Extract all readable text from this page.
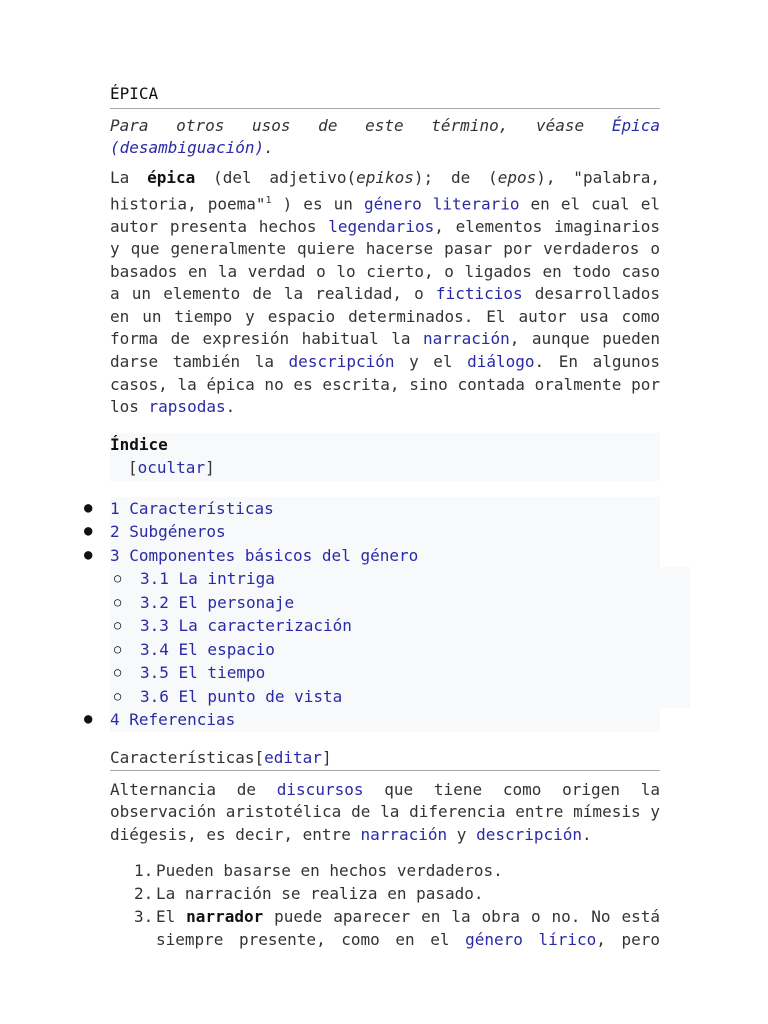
ÉPICA

Para otros usos de este término, véase Épica
(desambiguación).

La épica (del adjetivo(epikos); de (epos), "palabra, historia, poema"$^1$ ) es un género literario en el cual el autor presenta hechos legendarios, elementos imaginarios y que generalmente quiere hacerse pasar por verdaderos o basados en la verdad o lo cierto, o ligados en todo caso a un elemento de la realidad, o ficticios desarrollados en un tiempo y espacio determinados. El autor usa como forma de expresión habitual la narración, aunque pueden darse también la descripción y el diálogo. En algunos casos, la épica no es escrita, sino contada oralmente por los rapsodas.

Índice
[ocultar]
● 1 Características
● 2 Subgéneros
● 3 Componentes básicos del género
○ 3.1 La intriga
○ 3.2 El personaje
○ 3.3 La caracterización
○ 3.4 El espacio
○ 3.5 El tiempo
○ 3.6 El punto de vista
● 4 Referencias
Características[editar]

Alternancia de discursos que tiene como origen la observación aristotélica de la diferencia entre mímesis y diégesis, es decir, entre narración y descripción.

1. Pueden basarse en hechos verdaderos.
2. La narración se realiza en pasado.
3. El narrador puede aparecer en la obra o no. No está siempre presente, como en el género lírico, pero
